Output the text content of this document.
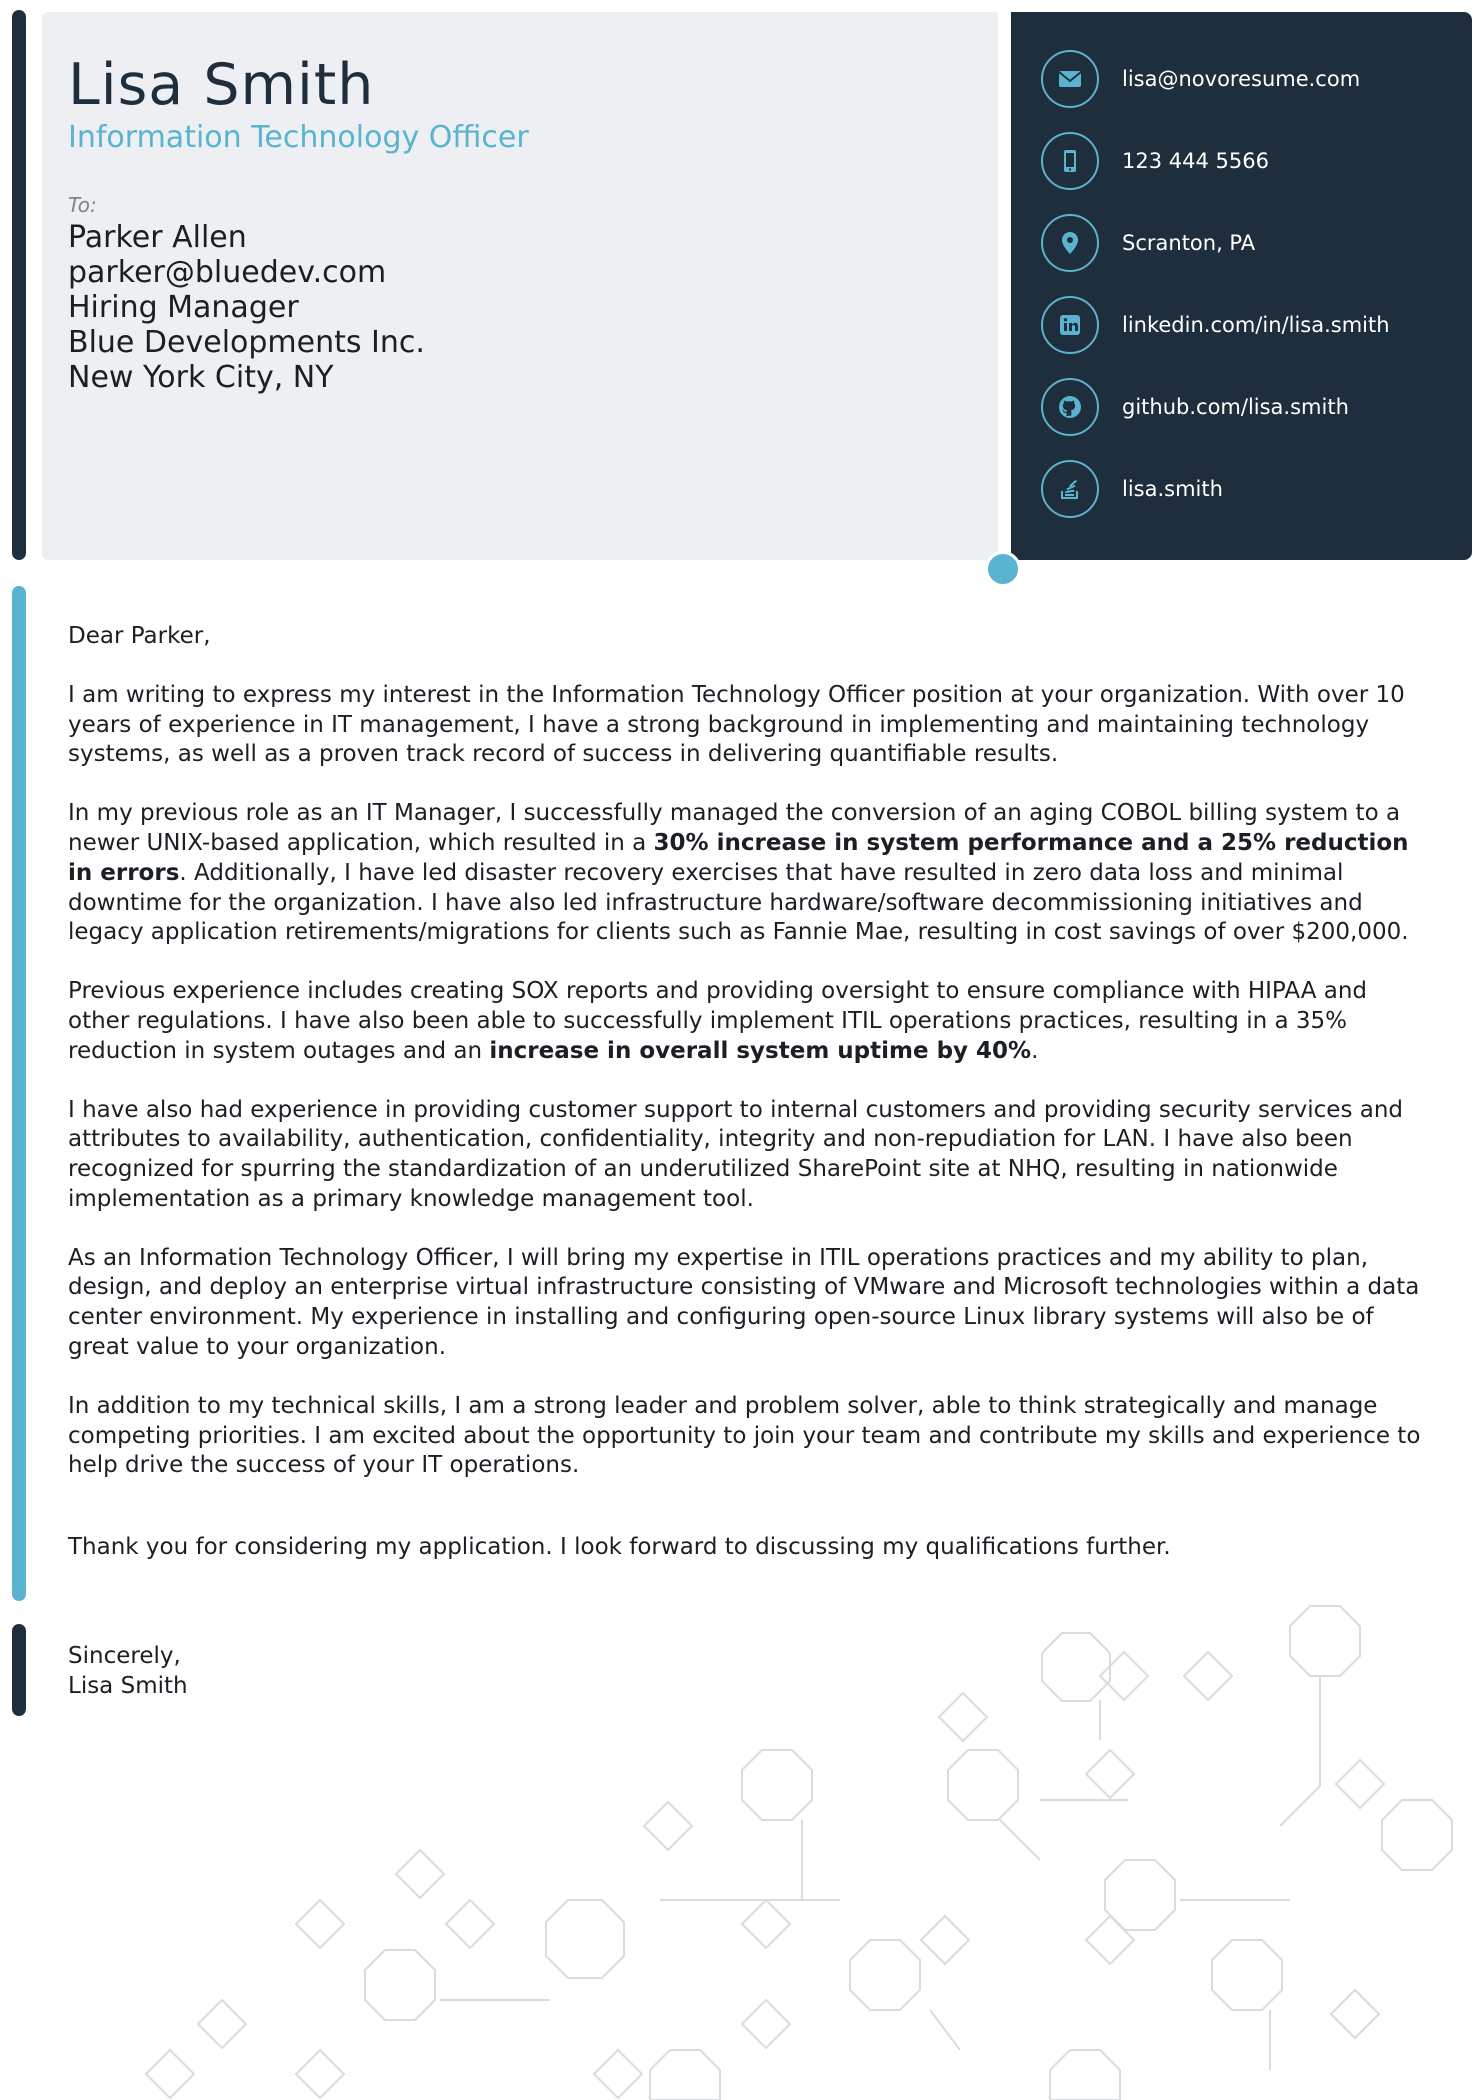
Lisa Smith
Information Technology Officer
To:
Parker Allen
parker@bluedev.com
Hiring Manager
Blue Developments Inc.
New York City, NY
lisa@novoresume.com
123 444 5566
Scranton, PA
linkedin.com/in/lisa.smith
github.com/lisa.smith
lisa.smith

Dear Parker,

I am writing to express my interest in the Information Technology Officer position at your organization. With over 10 years of experience in IT management, I have a strong background in implementing and maintaining technology systems, as well as a proven track record of success in delivering quantifiable results.

In my previous role as an IT Manager, I successfully managed the conversion of an aging COBOL billing system to a newer UNIX-based application, which resulted in a 30% increase in system performance and a 25% reduction in errors. Additionally, I have led disaster recovery exercises that have resulted in zero data loss and minimal downtime for the organization. I have also led infrastructure hardware/software decommissioning initiatives and legacy application retirements/migrations for clients such as Fannie Mae, resulting in cost savings of over $200,000.

Previous experience includes creating SOX reports and providing oversight to ensure compliance with HIPAA and other regulations. I have also been able to successfully implement ITIL operations practices, resulting in a 35% reduction in system outages and an increase in overall system uptime by 40%.

I have also had experience in providing customer support to internal customers and providing security services and attributes to availability, authentication, confidentiality, integrity and non-repudiation for LAN. I have also been recognized for spurring the standardization of an underutilized SharePoint site at NHQ, resulting in nationwide implementation as a primary knowledge management tool.

As an Information Technology Officer, I will bring my expertise in ITIL operations practices and my ability to plan, design, and deploy an enterprise virtual infrastructure consisting of VMware and Microsoft technologies within a data center environment. My experience in installing and configuring open-source Linux library systems will also be of great value to your organization.

In addition to my technical skills, I am a strong leader and problem solver, able to think strategically and manage competing priorities. I am excited about the opportunity to join your team and contribute my skills and experience to help drive the success of your IT operations.

Thank you for considering my application. I look forward to discussing my qualifications further.

Sincerely,
Lisa Smith
